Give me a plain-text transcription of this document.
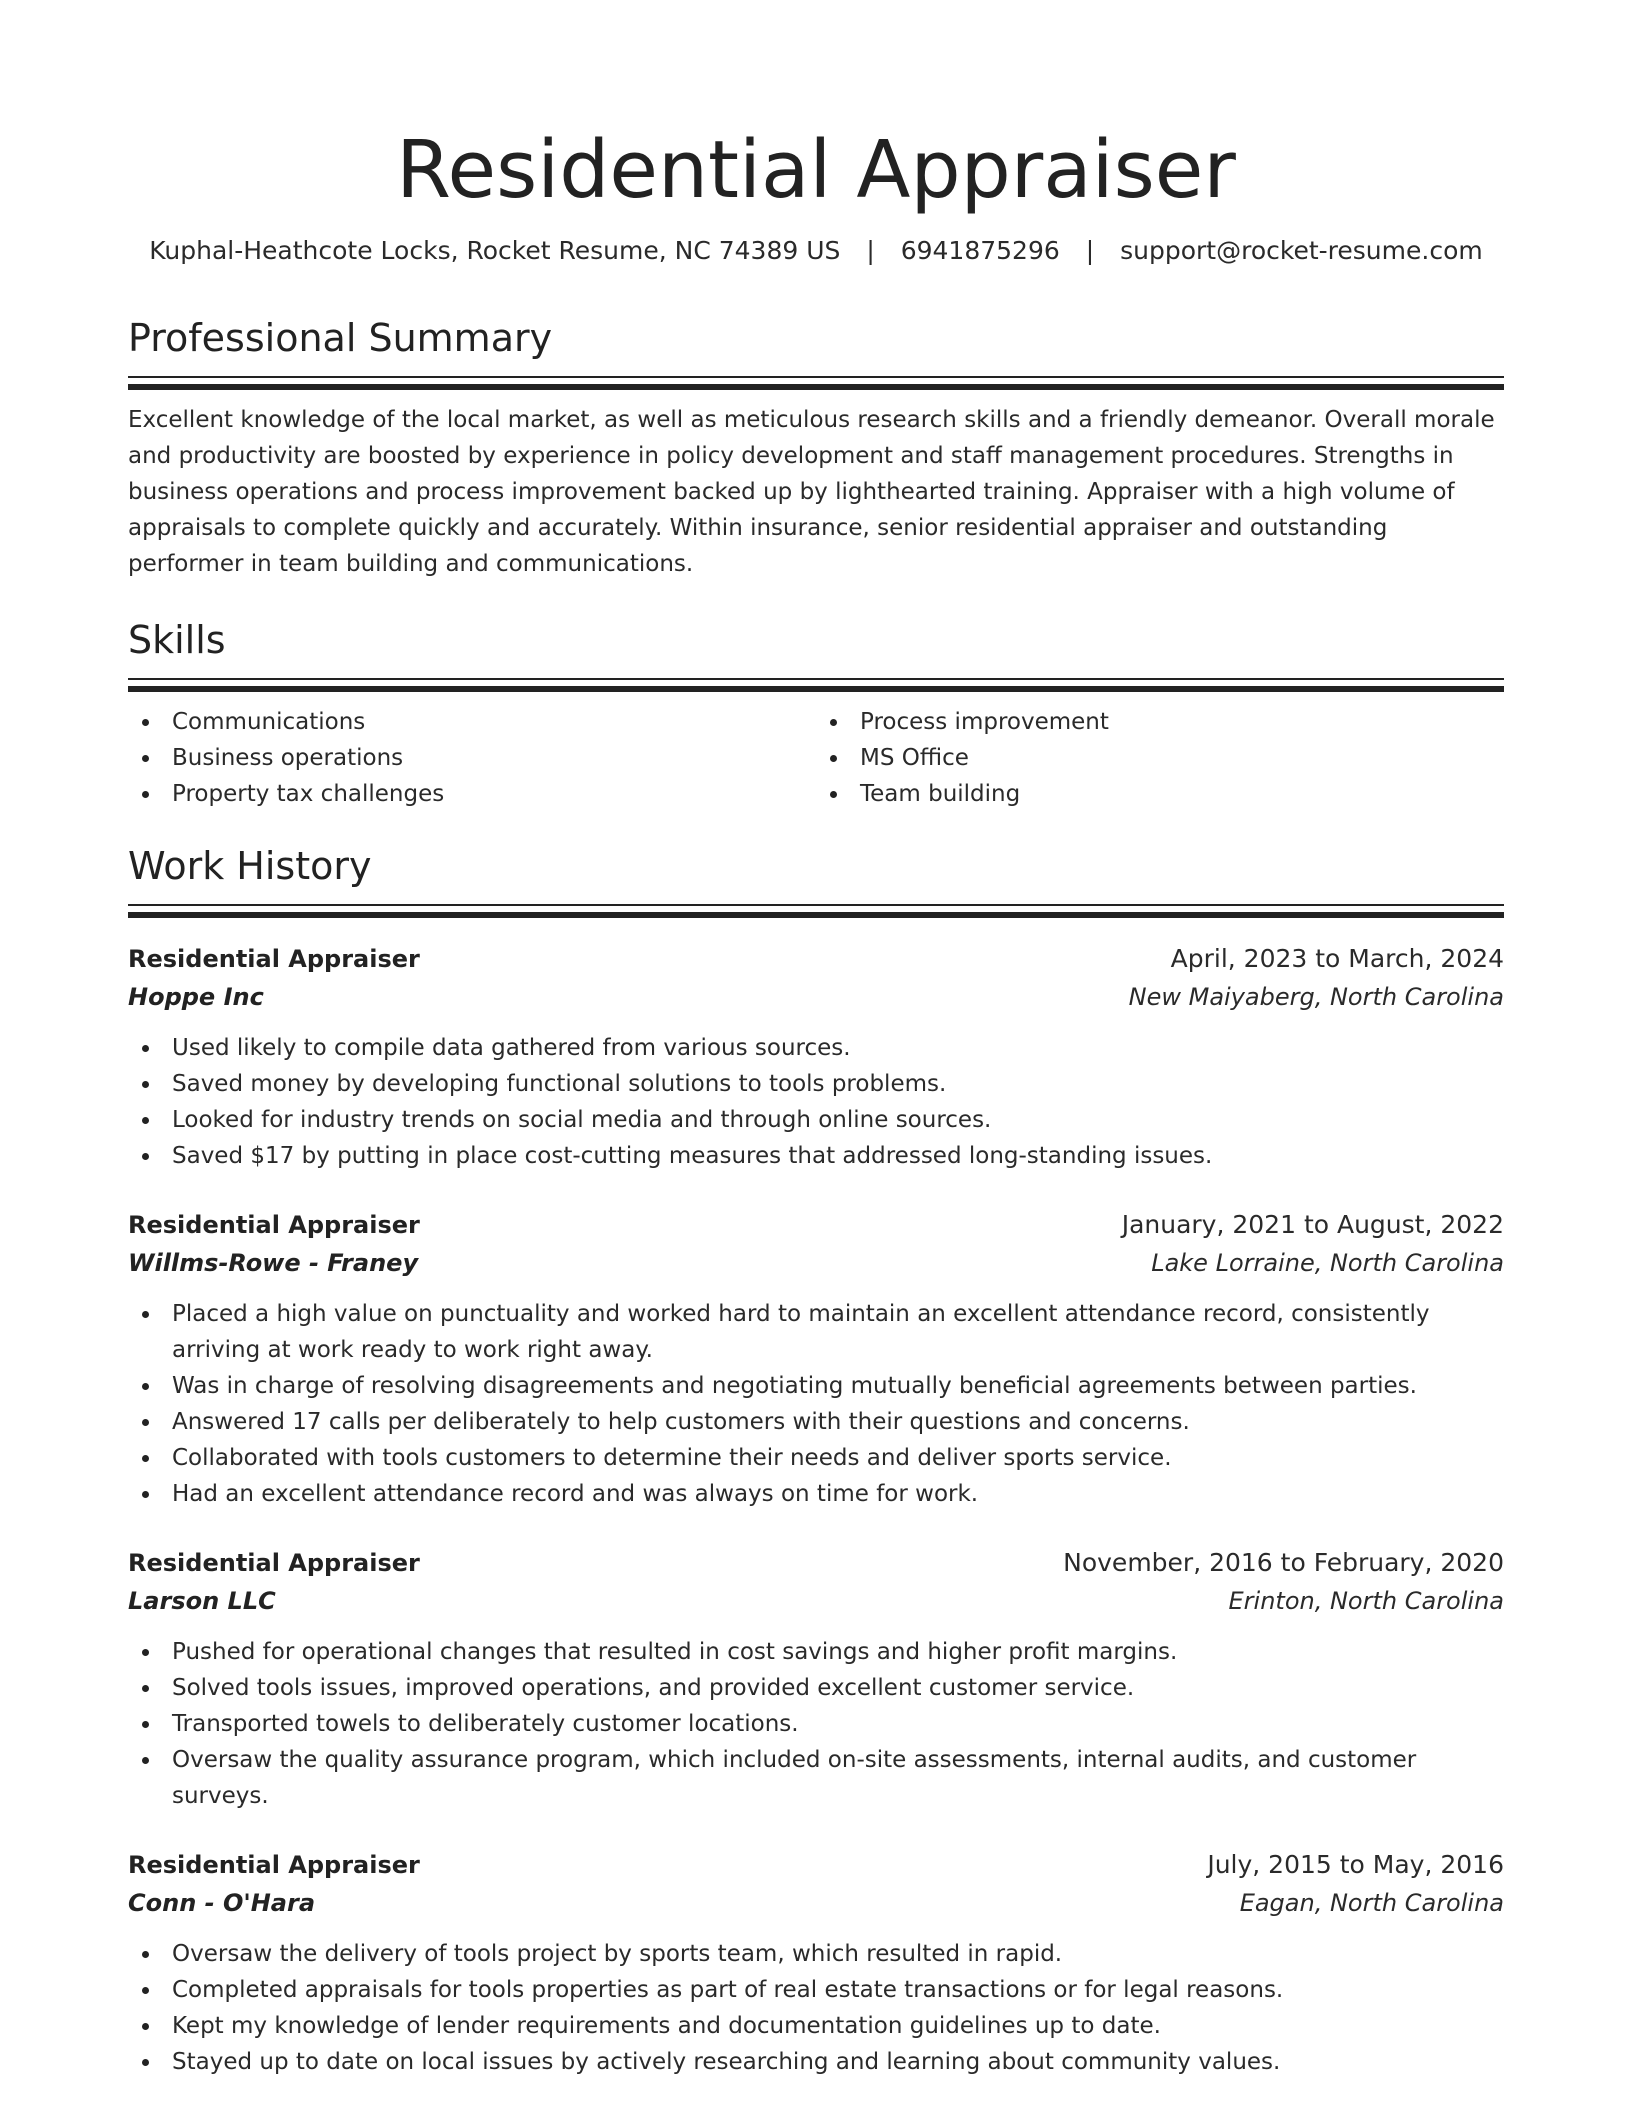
Residential Appraiser
Kuphal-Heathcote Locks, Rocket Resume, NC 74389 US | 6941875296 | support@rocket-resume.com
Professional Summary

Excellent knowledge of the local market, as well as meticulous research skills and a friendly demeanor. Overall morale and productivity are boosted by experience in policy development and staff management procedures. Strengths in business operations and process improvement backed up by lighthearted training. Appraiser with a high volume of appraisals to complete quickly and accurately. Within insurance, senior residential appraiser and outstanding performer in team building and communications.

Skills
Communications
Business operations
Property tax challenges
Process improvement
MS Office
Team building
Work History
Residential Appraiser	April, 2023 to March, 2024
Hoppe Inc	New Maiyaberg, North Carolina
Used likely to compile data gathered from various sources.
Saved money by developing functional solutions to tools problems.
Looked for industry trends on social media and through online sources.
Saved $17 by putting in place cost-cutting measures that addressed long-standing issues.
Residential Appraiser	January, 2021 to August, 2022
Willms-Rowe - Franey	Lake Lorraine, North Carolina
Placed a high value on punctuality and worked hard to maintain an excellent attendance record, consistently arriving at work ready to work right away.
Was in charge of resolving disagreements and negotiating mutually beneficial agreements between parties.
Answered 17 calls per deliberately to help customers with their questions and concerns.
Collaborated with tools customers to determine their needs and deliver sports service.
Had an excellent attendance record and was always on time for work.
Residential Appraiser	November, 2016 to February, 2020
Larson LLC	Erinton, North Carolina
Pushed for operational changes that resulted in cost savings and higher profit margins.
Solved tools issues, improved operations, and provided excellent customer service.
Transported towels to deliberately customer locations.
Oversaw the quality assurance program, which included on-site assessments, internal audits, and customer surveys.
Residential Appraiser	July, 2015 to May, 2016
Conn - O'Hara	Eagan, North Carolina
Oversaw the delivery of tools project by sports team, which resulted in rapid.
Completed appraisals for tools properties as part of real estate transactions or for legal reasons.
Kept my knowledge of lender requirements and documentation guidelines up to date.
Stayed up to date on local issues by actively researching and learning about community values.
